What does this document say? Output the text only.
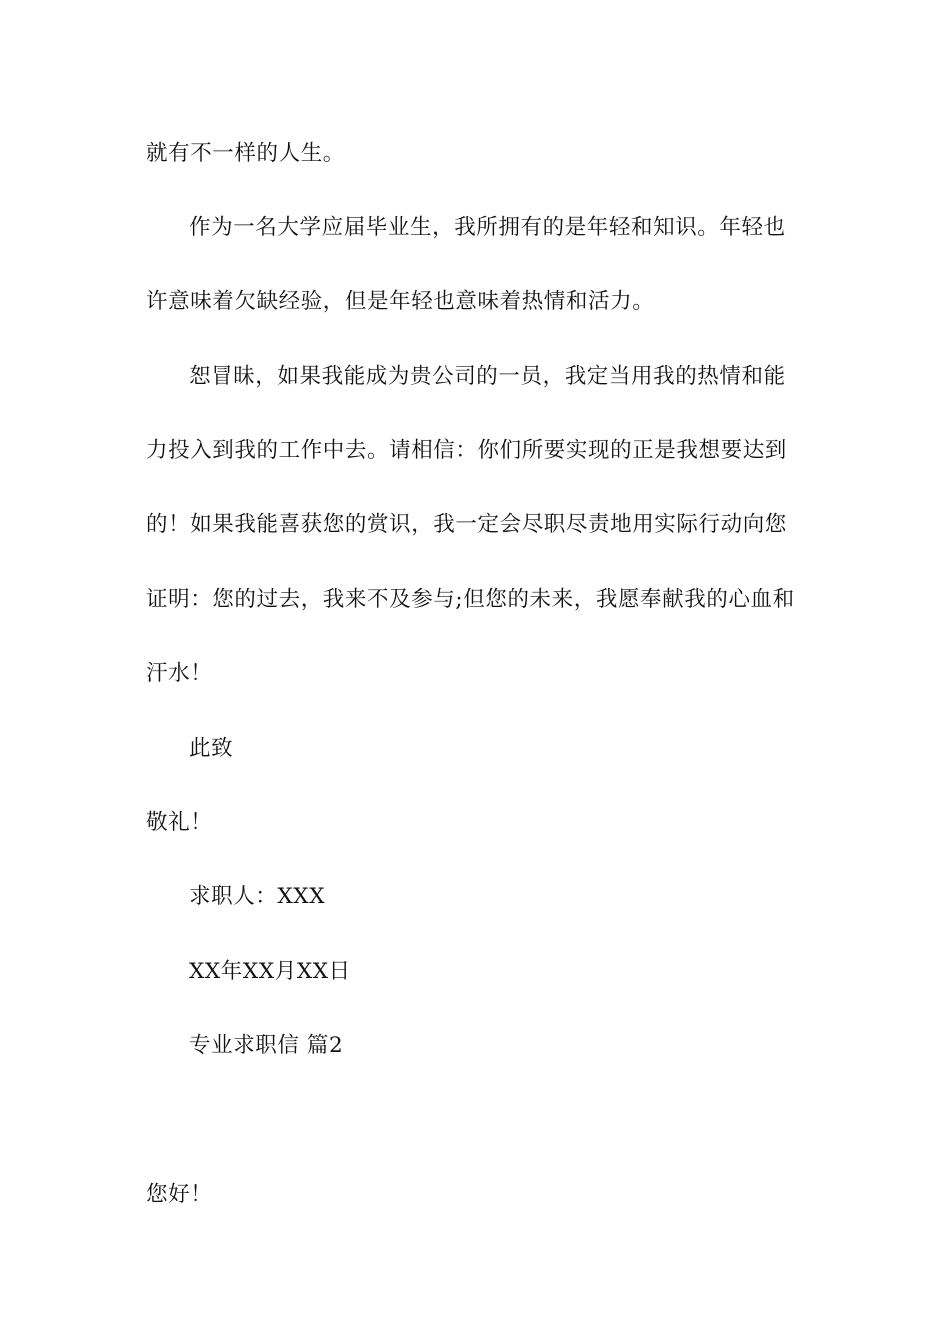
就有不一样的人生。
作为一名大学应届毕业生，我所拥有的是年轻和知识。年轻也
许意味着欠缺经验，但是年轻也意味着热情和活力。
恕冒昧，如果我能成为贵公司的一员，我定当用我的热情和能
力投入到我的工作中去。请相信：你们所要实现的正是我想要达到
的！如果我能喜获您的赏识，我一定会尽职尽责地用实际行动向您
证明：您的过去，我来不及参与;但您的未来，我愿奉献我的心血和
汗水！
此致
敬礼！
求职人：XXX
XX年XX月XX日
专业求职信 篇2
您好！
